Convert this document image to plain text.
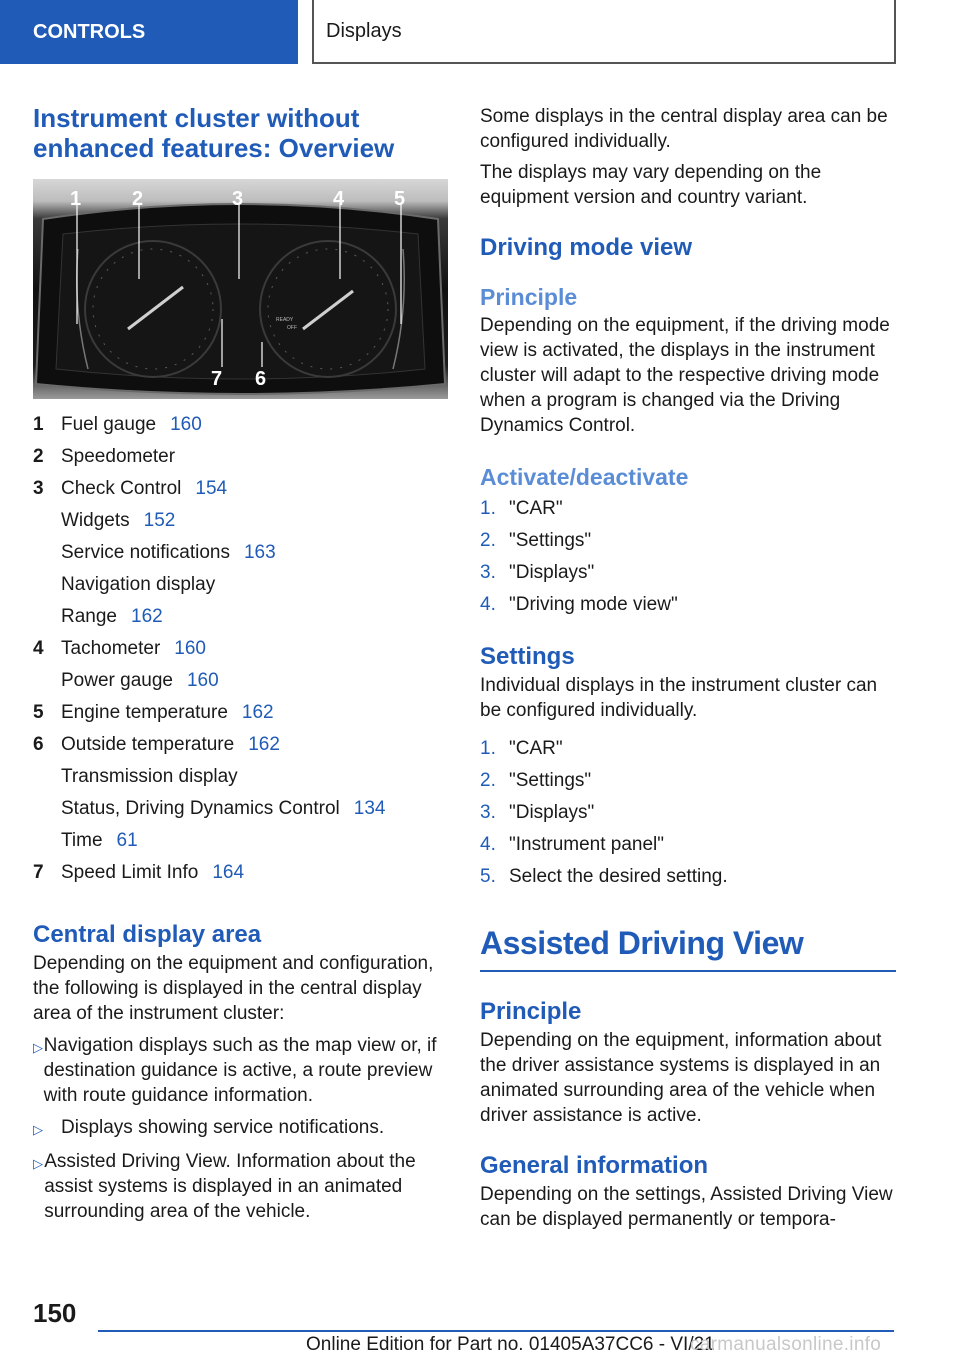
CONTROLS	Displays
Instrument cluster without
enhanced features: Overview
READY
OFF
1	2	3	4 5
6
7
1 Fuel gauge 160
2 Speedometer
3 Check Control 154
Widgets 152
Service notifications 163
Navigation display
Range 162
4 Tachometer 160
Power gauge 160
5 Engine temperature 162
6 Outside temperature 162
Transmission display
Status, Driving Dynamics Control 134
Time 61
7 Speed Limit Info 164
Central display area

Depending on the equipment and configuration, the following is displayed in the central display area of the instrument cluster:

▷ Navigation displays such as the map view or, if destination guidance is active, a route preview with route guidance information.
▷ Displays showing service notifications.
▷ Assisted Driving View. Information about the assist systems is displayed in an animated surrounding area of the vehicle.

Some displays in the central display area can be configured individually.

The displays may vary depending on the equipment version and country variant.

Driving mode view
Principle

Depending on the equipment, if the driving mode view is activated, the displays in the instrument cluster will adapt to the respective driving mode when a program is changed via the Driving Dynamics Control.

Activate/deactivate
1. "CAR"
2. "Settings"
3. "Displays"
4. "Driving mode view"
Settings

Individual displays in the instrument cluster can be configured individually.

1. "CAR"
2. "Settings"
3. "Displays"
4. "Instrument panel"
5. Select the desired setting.
Assisted Driving View
Principle

Depending on the equipment, information about the driver assistance systems is displayed in an animated surrounding area of the vehicle when driver assistance is active.

General information

Depending on the settings, Assisted Driving View can be displayed permanently or tempora-

150
Online Edition for Part no. 01405A37CC6 - VI/21
carmanualsonline.info
